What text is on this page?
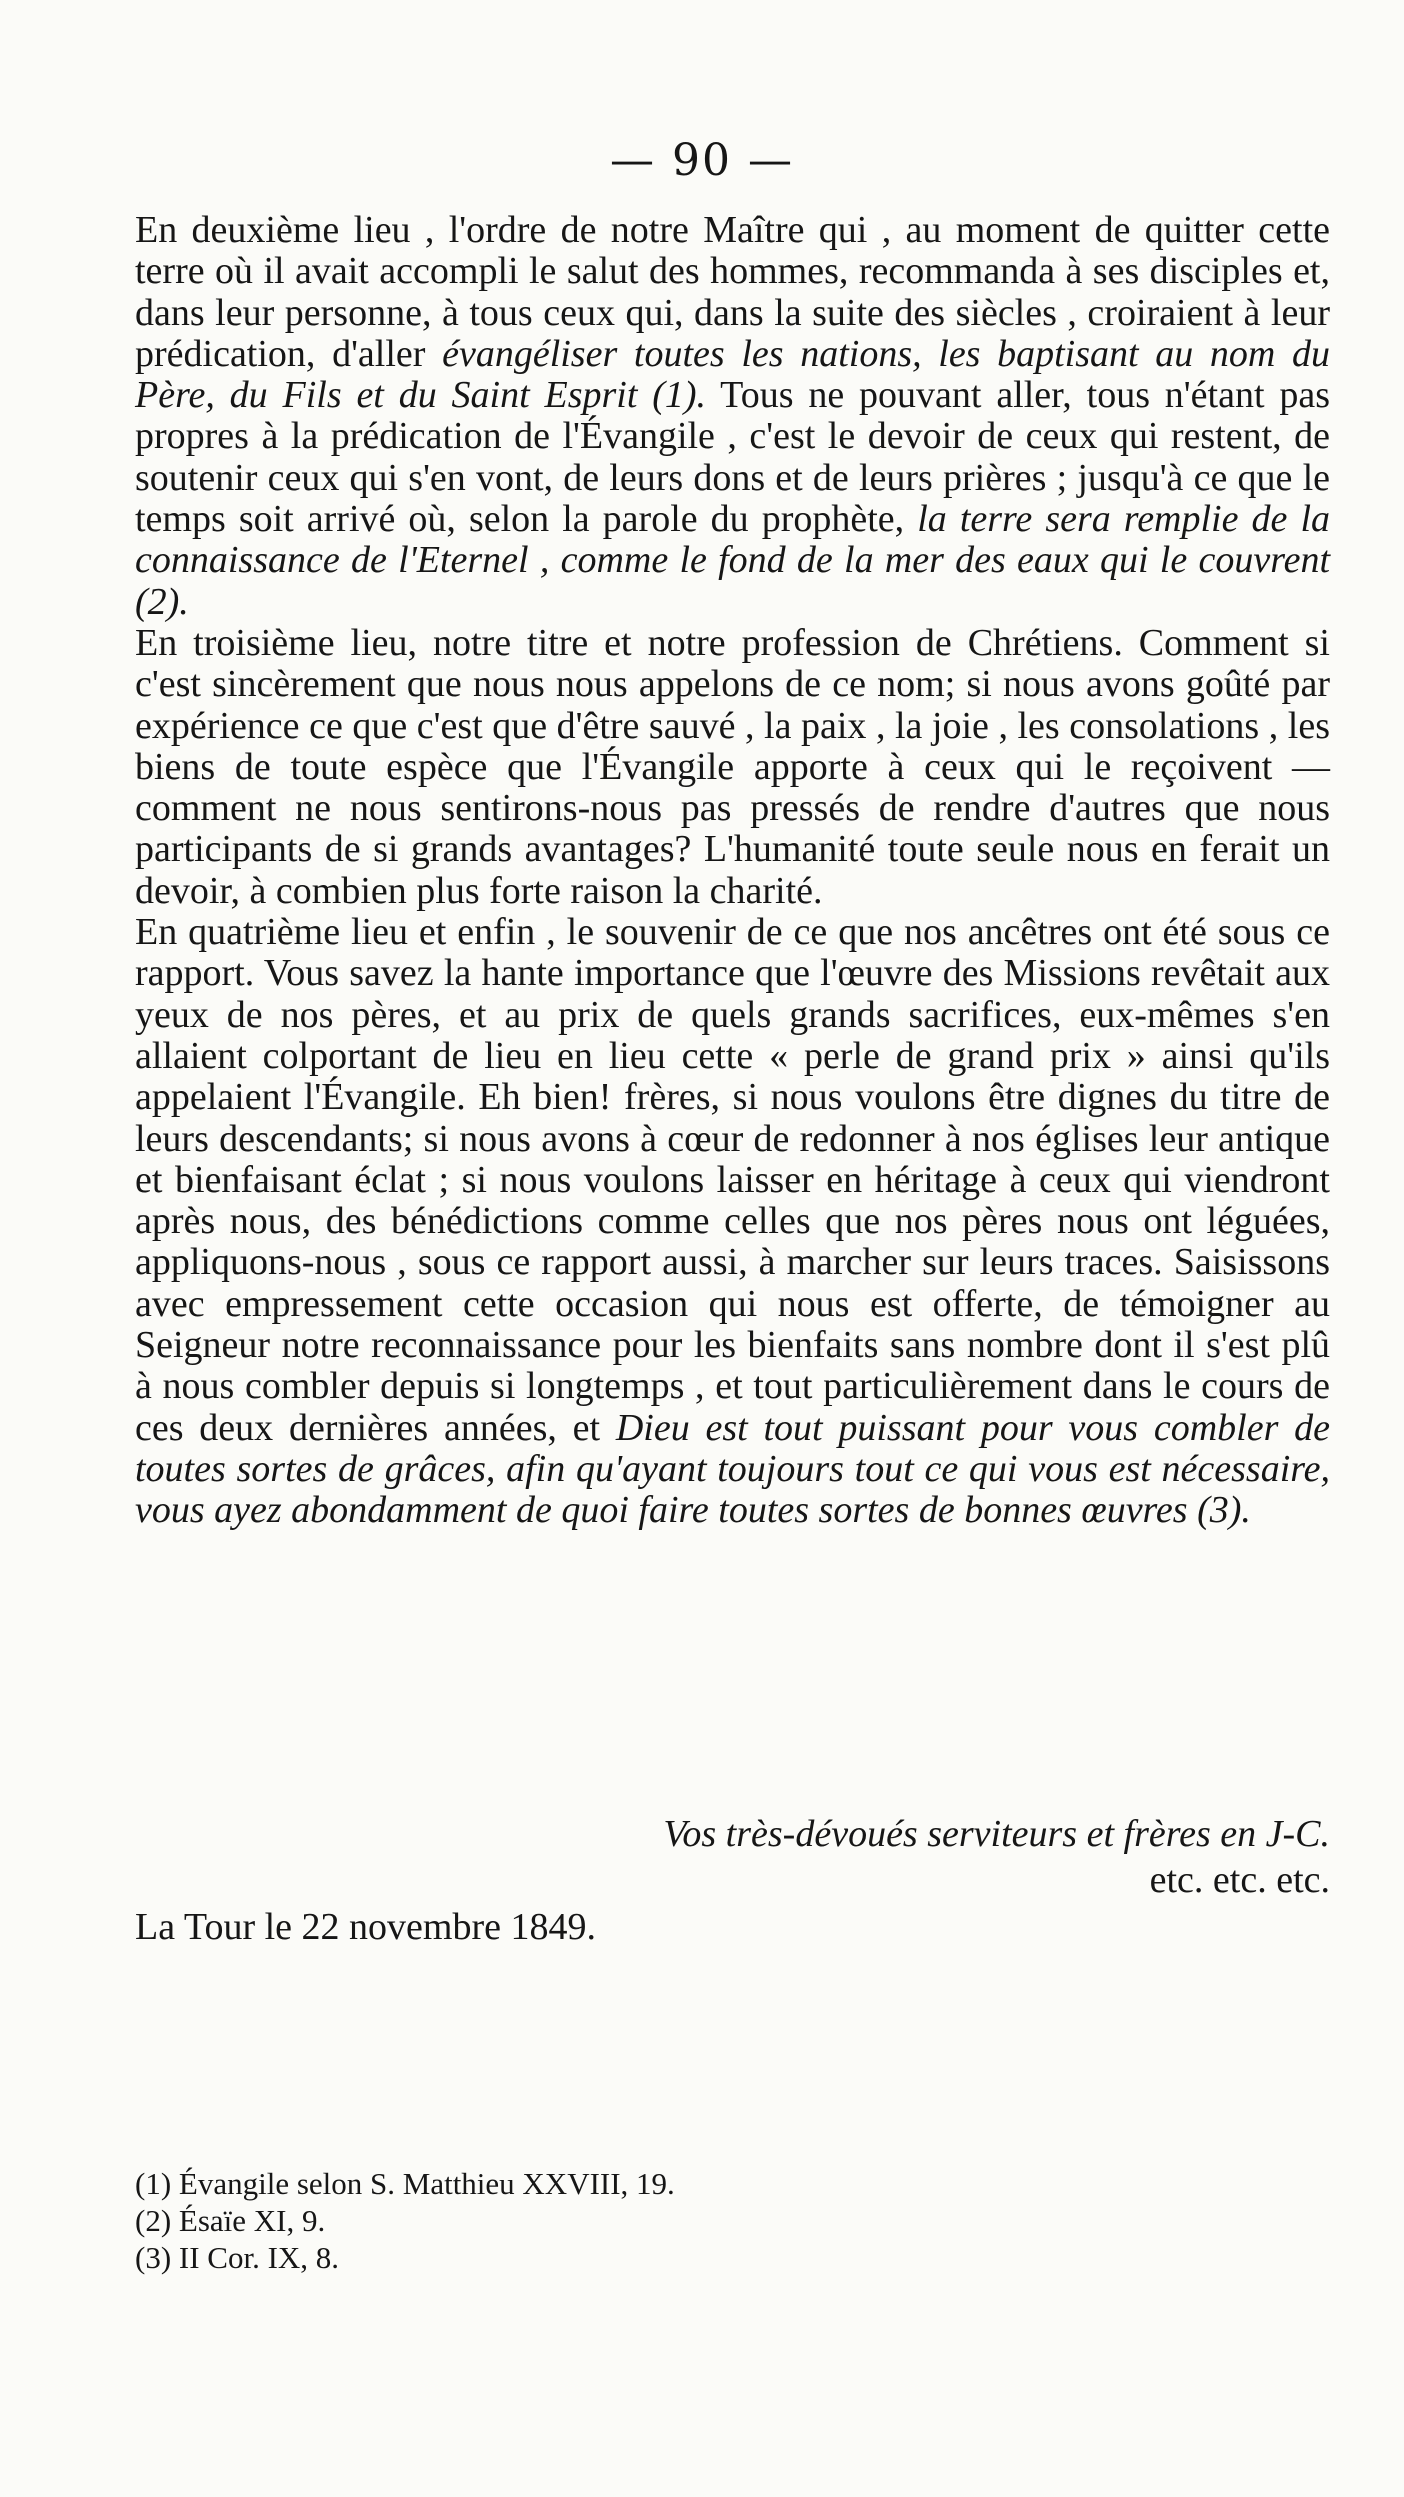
— 90 —

En deuxième lieu , l'ordre de notre Maître qui , au moment de quitter cette terre où il avait accompli le salut des hommes, recommanda à ses disciples et, dans leur personne, à tous ceux qui, dans la suite des siècles , croiraient à leur prédication, d'aller évangéliser toutes les nations, les baptisant au nom du Père, du Fils et du Saint Esprit (1). Tous ne pouvant aller, tous n'étant pas propres à la prédication de l'Évangile , c'est le devoir de ceux qui restent, de soutenir ceux qui s'en vont, de leurs dons et de leurs prières ; jusqu'à ce que le temps soit arrivé où, selon la parole du prophète, la terre sera remplie de la connaissance de l'Eternel , comme le fond de la mer des eaux qui le couvrent (2).

En troisième lieu, notre titre et notre profession de Chrétiens. Comment si c'est sincèrement que nous nous appelons de ce nom; si nous avons goûté par expérience ce que c'est que d'être sauvé , la paix , la joie , les consolations , les biens de toute espèce que l'Évangile apporte à ceux qui le reçoivent — comment ne nous sentirons-nous pas pressés de rendre d'autres que nous participants de si grands avantages? L'humanité toute seule nous en ferait un devoir, à combien plus forte raison la charité.

En quatrième lieu et enfin , le souvenir de ce que nos ancêtres ont été sous ce rapport. Vous savez la hante importance que l'œuvre des Missions revêtait aux yeux de nos pères, et au prix de quels grands sacrifices, eux-mêmes s'en allaient colportant de lieu en lieu cette « perle de grand prix » ainsi qu'ils appelaient l'Évangile. Eh bien! frères, si nous voulons être dignes du titre de leurs descendants; si nous avons à cœur de redonner à nos églises leur antique et bienfaisant éclat ; si nous voulons laisser en héritage à ceux qui viendront après nous, des bénédictions comme celles que nos pères nous ont léguées, appliquons-nous , sous ce rapport aussi, à marcher sur leurs traces. Saisissons avec empressement cette occasion qui nous est offerte, de témoigner au Seigneur notre reconnaissance pour les bienfaits sans nombre dont il s'est plû à nous combler depuis si longtemps , et tout particulièrement dans le cours de ces deux dernières années, et Dieu est tout puissant pour vous combler de toutes sortes de grâces, afin qu'ayant toujours tout ce qui vous est nécessaire, vous ayez abondamment de quoi faire toutes sortes de bonnes œuvres (3).

Vos très-dévoués serviteurs et frères en J-C.
etc. etc. etc.
La Tour le 22 novembre 1849.
(1) Évangile selon S. Matthieu XXVIII, 19.
(2) Ésaïe XI, 9.
(3) II Cor. IX, 8.
